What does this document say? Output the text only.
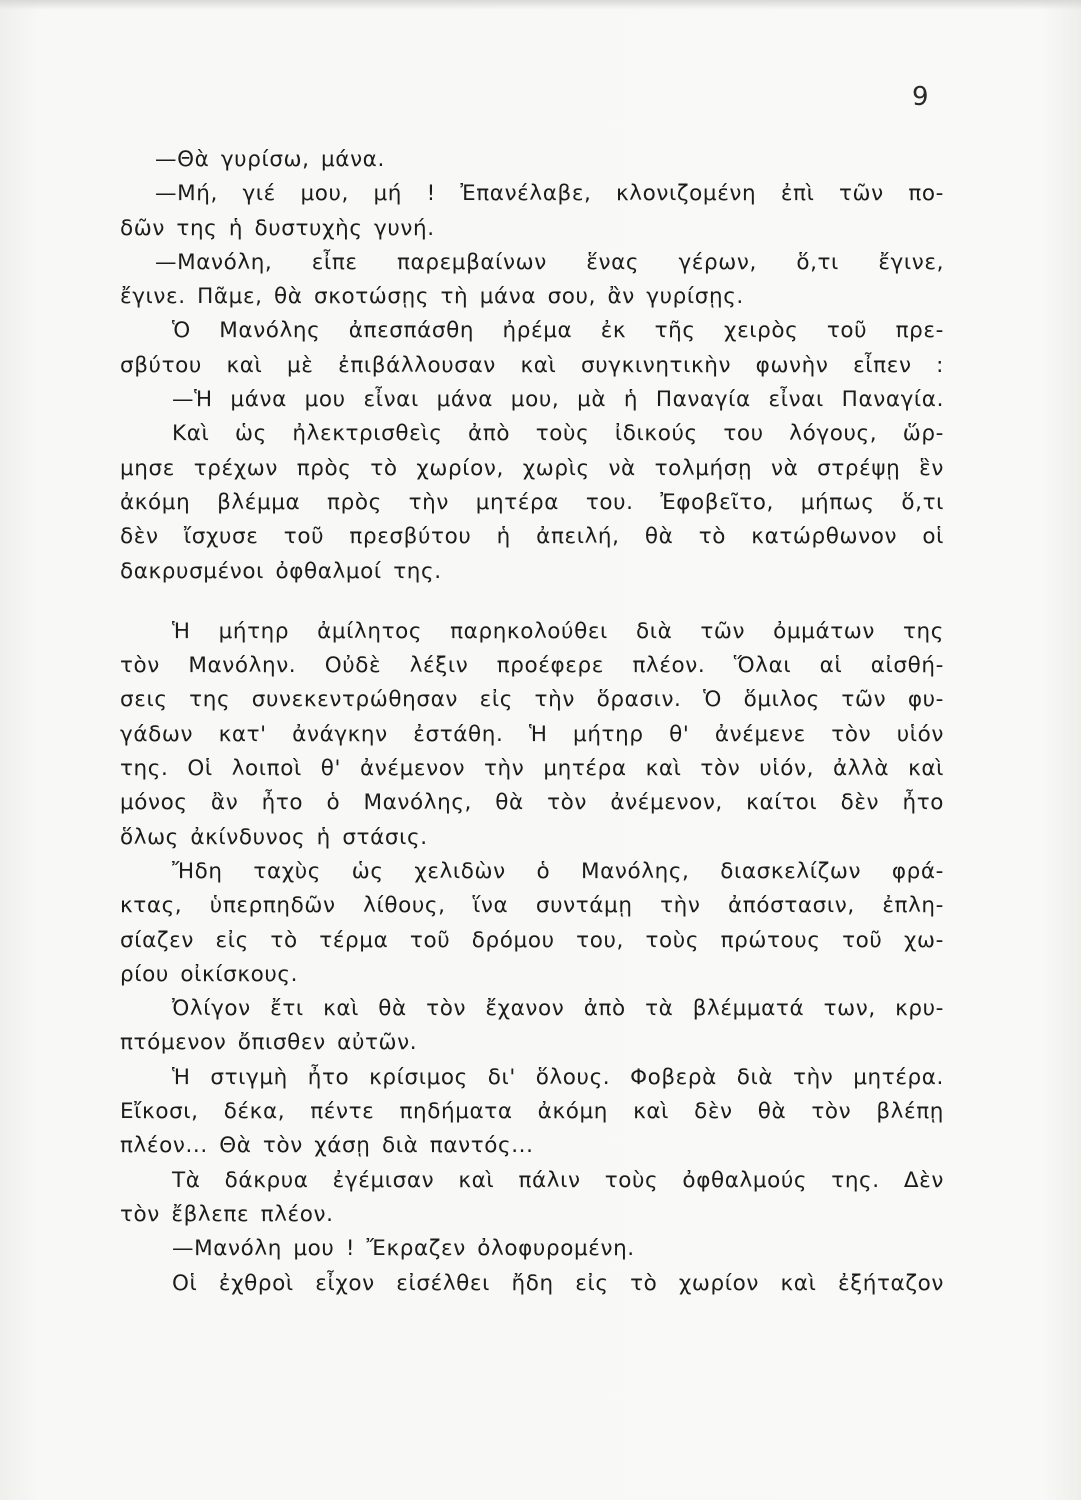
9
—Θὰ γυρίσω, μάνα.
—Μή, γιέ μου, μή ! Ἐπανέλαβε, κλονιζομένη ἐπὶ τῶν πο-
δῶν της ἡ δυστυχὴς γυνή.
—Μανόλη, εἶπε παρεμβαίνων ἕνας γέρων, ὅ,τι ἔγινε,
ἔγινε. Πᾶμε, θὰ σκοτώσῃς τὴ μάνα σου, ἂν γυρίσῃς.
Ὁ Μανόλης ἀπεσπάσθη ἠρέμα ἐκ τῆς χειρὸς τοῦ πρε-
σβύτου καὶ μὲ ἐπιβάλλουσαν καὶ συγκινητικὴν φωνὴν εἶπεν :
—Ἡ μάνα μου εἶναι μάνα μου, μὰ ἡ Παναγία εἶναι Παναγία.
Καὶ ὡς ἠλεκτρισθεὶς ἀπὸ τοὺς ἰδικούς του λόγους, ὥρ-
μησε τρέχων πρὸς τὸ χωρίον, χωρὶς νὰ τολμήσῃ νὰ στρέψῃ ἓν
ἀκόμη βλέμμα πρὸς τὴν μητέρα του. Ἐφοβεῖτο, μήπως ὅ,τι
δὲν ἴσχυσε τοῦ πρεσβύτου ἡ ἀπειλή, θὰ τὸ κατώρθωνον οἱ
δακρυσμένοι ὀφθαλμοί της.
Ἡ μήτηρ ἀμίλητος παρηκολούθει διὰ τῶν ὀμμάτων της
τὸν Μανόλην. Οὐδὲ λέξιν προέφερε πλέον. Ὅλαι αἱ αἰσθή-
σεις της συνεκεντρώθησαν εἰς τὴν ὅρασιν. Ὁ ὅμιλος τῶν φυ-
γάδων κατ' ἀνάγκην ἐστάθη. Ἡ μήτηρ θ' ἀνέμενε τὸν υἱόν
της. Οἱ λοιποὶ θ' ἀνέμενον τὴν μητέρα καὶ τὸν υἱόν, ἀλλὰ καὶ
μόνος ἂν ἦτο ὁ Μανόλης, θὰ τὸν ἀνέμενον, καίτοι δὲν ἦτο
ὅλως ἀκίνδυνος ἡ στάσις.
Ἤδη ταχὺς ὡς χελιδὼν ὁ Μανόλης, διασκελίζων φρά-
κτας, ὑπερπηδῶν λίθους, ἵνα συντάμῃ τὴν ἀπόστασιν, ἐπλη-
σίαζεν εἰς τὸ τέρμα τοῦ δρόμου του, τοὺς πρώτους τοῦ χω-
ρίου οἰκίσκους.
Ὀλίγον ἔτι καὶ θὰ τὸν ἔχανον ἀπὸ τὰ βλέμματά των, κρυ-
πτόμενον ὄπισθεν αὐτῶν.
Ἡ στιγμὴ ἦτο κρίσιμος δι' ὅλους. Φοβερὰ διὰ τὴν μητέρα.
Εἴκοσι, δέκα, πέντε πηδήματα ἀκόμη καὶ δὲν θὰ τὸν βλέπῃ
πλέον... Θὰ τὸν χάσῃ διὰ παντός...
Τὰ δάκρυα ἐγέμισαν καὶ πάλιν τοὺς ὀφθαλμούς της. Δὲν
τὸν ἔβλεπε πλέον.
—Μανόλη μου ! Ἔκραζεν ὀλοφυρομένη.
Οἱ ἐχθροὶ εἶχον εἰσέλθει ἤδη εἰς τὸ χωρίον καὶ ἐξήταζον
